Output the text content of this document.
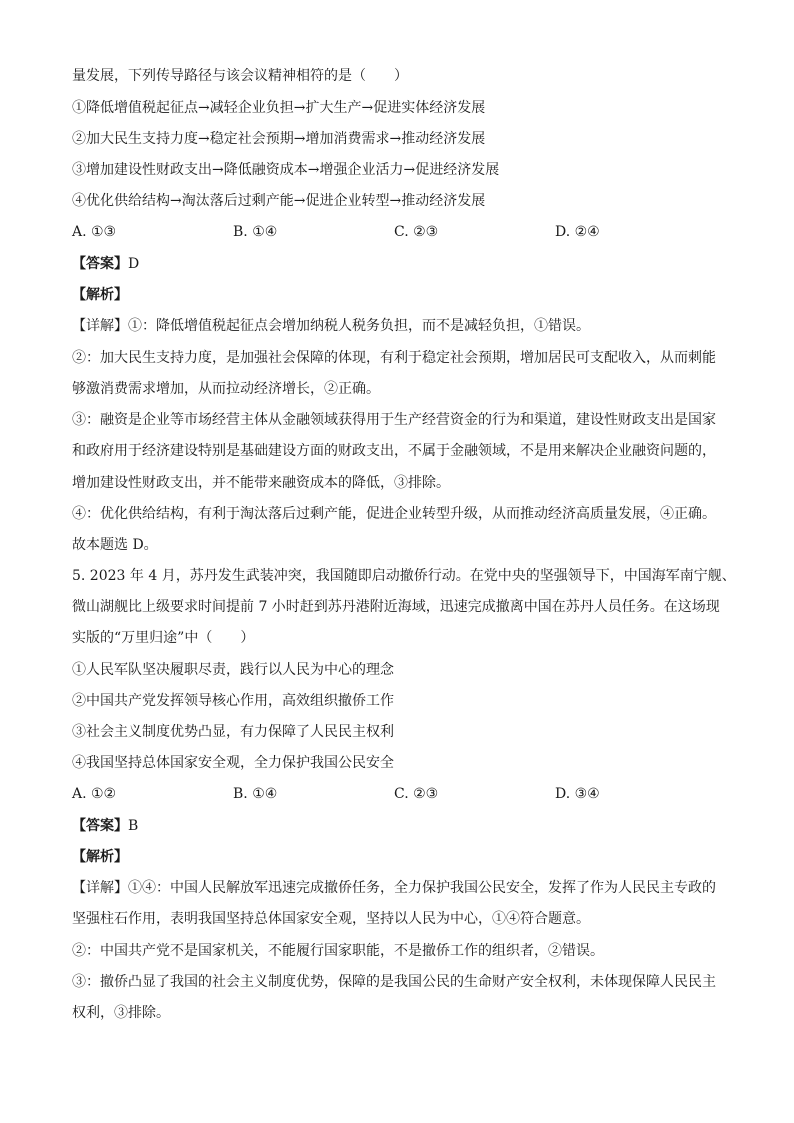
量发展，下列传导路径与该会议精神相符的是（　　）
①降低增值税起征点→减轻企业负担→扩大生产→促进实体经济发展
②加大民生支持力度→稳定社会预期→增加消费需求→推动经济发展
③增加建设性财政支出→降低融资成本→增强企业活力→促进经济发展
④优化供给结构→淘汰落后过剩产能→促进企业转型→推动经济发展
A. ①③	B. ①④	C. ②③	D. ②④
【答案】D
【解析】
【详解】①：降低增值税起征点会增加纳税人税务负担，而不是减轻负担，①错误。
②：加大民生支持力度，是加强社会保障的体现，有利于稳定社会预期，增加居民可支配收入，从而刺能
够激消费需求增加，从而拉动经济增长，②正确。
③：融资是企业等市场经营主体从金融领域获得用于生产经营资金的行为和渠道，建设性财政支出是国家
和政府用于经济建设特别是基础建设方面的财政支出，不属于金融领域，不是用来解决企业融资问题的，
增加建设性财政支出，并不能带来融资成本的降低，③排除。
④：优化供给结构，有利于淘汰落后过剩产能，促进企业转型升级，从而推动经济高质量发展，④正确。
故本题选 D。
5. 2023 年 4 月，苏丹发生武装冲突，我国随即启动撤侨行动。在党中央的坚强领导下，中国海军南宁舰、
微山湖舰比上级要求时间提前 7 小时赶到苏丹港附近海域，迅速完成撤离中国在苏丹人员任务。在这场现
实版的“万里归途”中（　　）
①人民军队坚决履职尽责，践行以人民为中心的理念
②中国共产党发挥领导核心作用，高效组织撤侨工作
③社会主义制度优势凸显，有力保障了人民民主权利
④我国坚持总体国家安全观，全力保护我国公民安全
A. ①②	B. ①④	C. ②③	D. ③④
【答案】B
【解析】
【详解】①④：中国人民解放军迅速完成撤侨任务，全力保护我国公民安全，发挥了作为人民民主专政的
坚强柱石作用，表明我国坚持总体国家安全观，坚持以人民为中心，①④符合题意。
②：中国共产党不是国家机关，不能履行国家职能，不是撤侨工作的组织者，②错误。
③：撤侨凸显了我国的社会主义制度优势，保障的是我国公民的生命财产安全权利，未体现保障人民民主
权利，③排除。
